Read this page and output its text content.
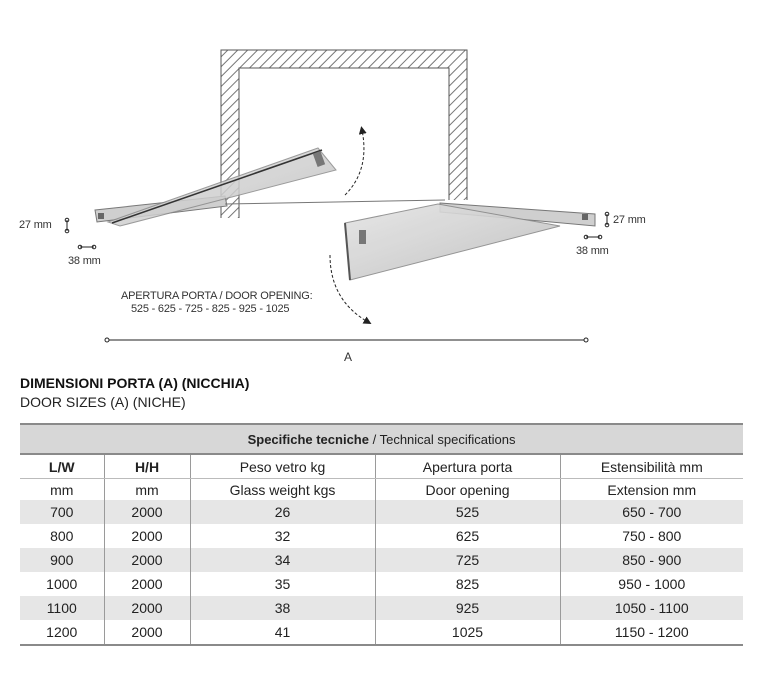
27 mm
38 mm
27 mm
38 mm
APERTURA PORTA / DOOR OPENING:
525 - 625 - 725 - 825 - 925 - 1025
A
DIMENSIONI PORTA (A) (NICCHIA)
DOOR SIZES (A) (NICHE)
Specifiche tecniche / Technical specifications				
L/W	H/H	Peso vetro kg	Apertura porta	Estensibilità mm
mm	mm	Glass weight kgs	Door opening	Extension mm
700	2000	26	525	650 - 700
800	2000	32	625	750 - 800
900	2000	34	725	850 - 900
1000	2000	35	825	950 - 1000
1100	2000	38	925	1050 - 1100
1200	2000	41	1025	1150 - 1200
